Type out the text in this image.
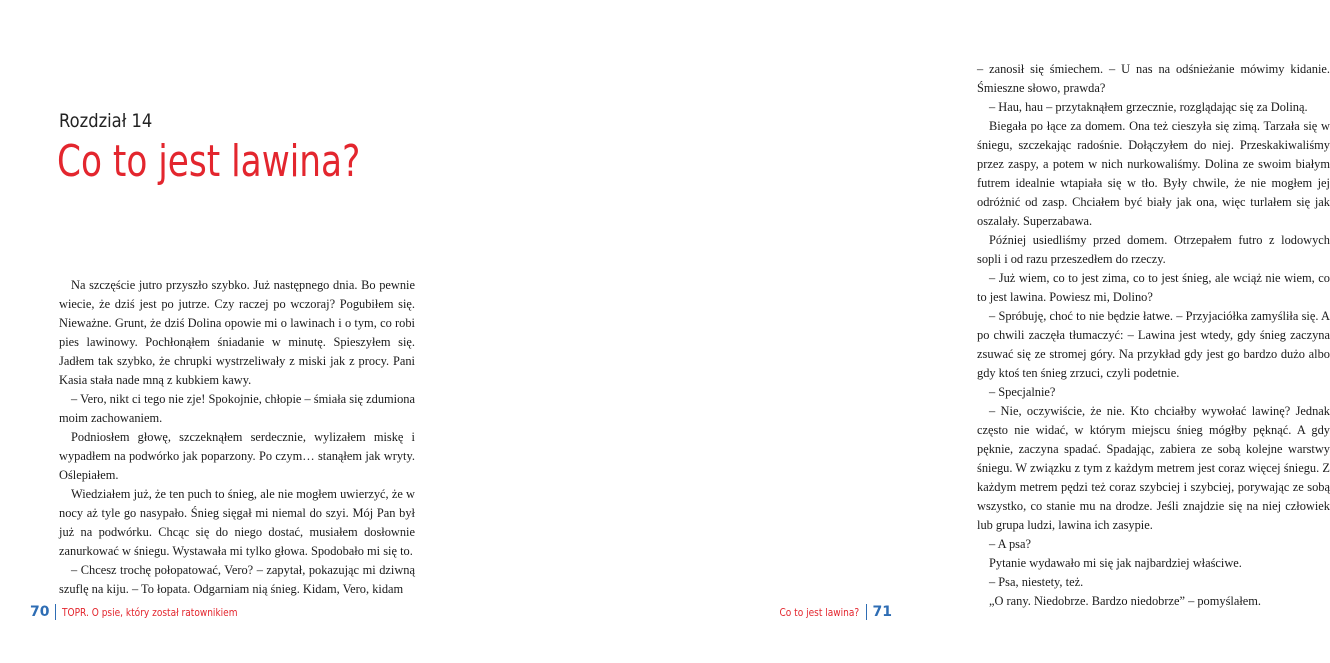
Rozdział 14
Co to jest lawina?

Na szczęście jutro przyszło szybko. Już następnego dnia. Bo pewnie wiecie, że dziś jest po jutrze. Czy raczej po wczoraj? Pogubiłem się. Nieważne. Grunt, że dziś Dolina opowie mi o lawinach i o tym, co robi pies lawinowy. Pochłonąłem śniadanie w minutę. Spieszyłem się. Jadłem tak szybko, że chrupki wystrzeliwały z miski jak z procy. Pani Kasia stała nade mną z kubkiem kawy.

– Vero, nikt ci tego nie zje! Spokojnie, chłopie – śmiała się zdumiona moim zachowaniem.

Podniosłem głowę, szczeknąłem serdecznie, wylizałem miskę i wypadłem na podwórko jak poparzony. Po czym… stanąłem jak wryty. Oślepiałem.

Wiedziałem już, że ten puch to śnieg, ale nie mogłem uwierzyć, że w nocy aż tyle go nasypało. Śnieg sięgał mi niemal do szyi. Mój Pan był już na podwórku. Chcąc się do niego dostać, musiałem dosłownie zanurkować w śniegu. Wystawała mi tylko głowa. Spodobało mi się to.

– Chcesz trochę połopatować, Vero? – zapytał, pokazując mi dziwną szuflę na kiju. – To łopata. Odgarniam nią śnieg. Kidam, Vero, kidam

70 TOPR. O psie, który został ratownikiem

– zanosił się śmiechem. – U nas na odśnieżanie mówimy kidanie. Śmieszne słowo, prawda?

– Hau, hau – przytaknąłem grzecznie, rozglądając się za Doliną.

Biegała po łące za domem. Ona też cieszyła się zimą. Tarzała się w śniegu, szczekając radośnie. Dołączyłem do niej. Przeskakiwaliśmy przez zaspy, a potem w nich nurkowaliśmy. Dolina ze swoim białym futrem idealnie wtapiała się w tło. Były chwile, że nie mogłem jej odróżnić od zasp. Chciałem być biały jak ona, więc turlałem się jak oszalały. Superzabawa.

Później usiedliśmy przed domem. Otrzepałem futro z lodowych sopli i od razu przeszedłem do rzeczy.

– Już wiem, co to jest zima, co to jest śnieg, ale wciąż nie wiem, co to jest lawina. Powiesz mi, Dolino?

– Spróbuję, choć to nie będzie łatwe. – Przyjaciółka zamyśliła się. A po chwili zaczęła tłumaczyć: – Lawina jest wtedy, gdy śnieg zaczyna zsuwać się ze stromej góry. Na przykład gdy jest go bardzo dużo albo gdy ktoś ten śnieg zrzuci, czyli podetnie.

– Specjalnie?

– Nie, oczywiście, że nie. Kto chciałby wywołać lawinę? Jednak często nie widać, w którym miejscu śnieg mógłby pęknąć. A gdy pęknie, zaczyna spadać. Spadając, zabiera ze sobą kolejne warstwy śniegu. W związku z tym z każdym metrem jest coraz więcej śniegu. Z każdym metrem pędzi też coraz szybciej i szybciej, porywając ze sobą wszystko, co stanie mu na drodze. Jeśli znajdzie się na niej człowiek lub grupa ludzi, lawina ich zasypie.

– A psa?

Pytanie wydawało mi się jak najbardziej właściwe.

– Psa, niestety, też.

„O rany. Niedobrze. Bardzo niedobrze” – pomyślałem.

Co to jest lawina? 71
